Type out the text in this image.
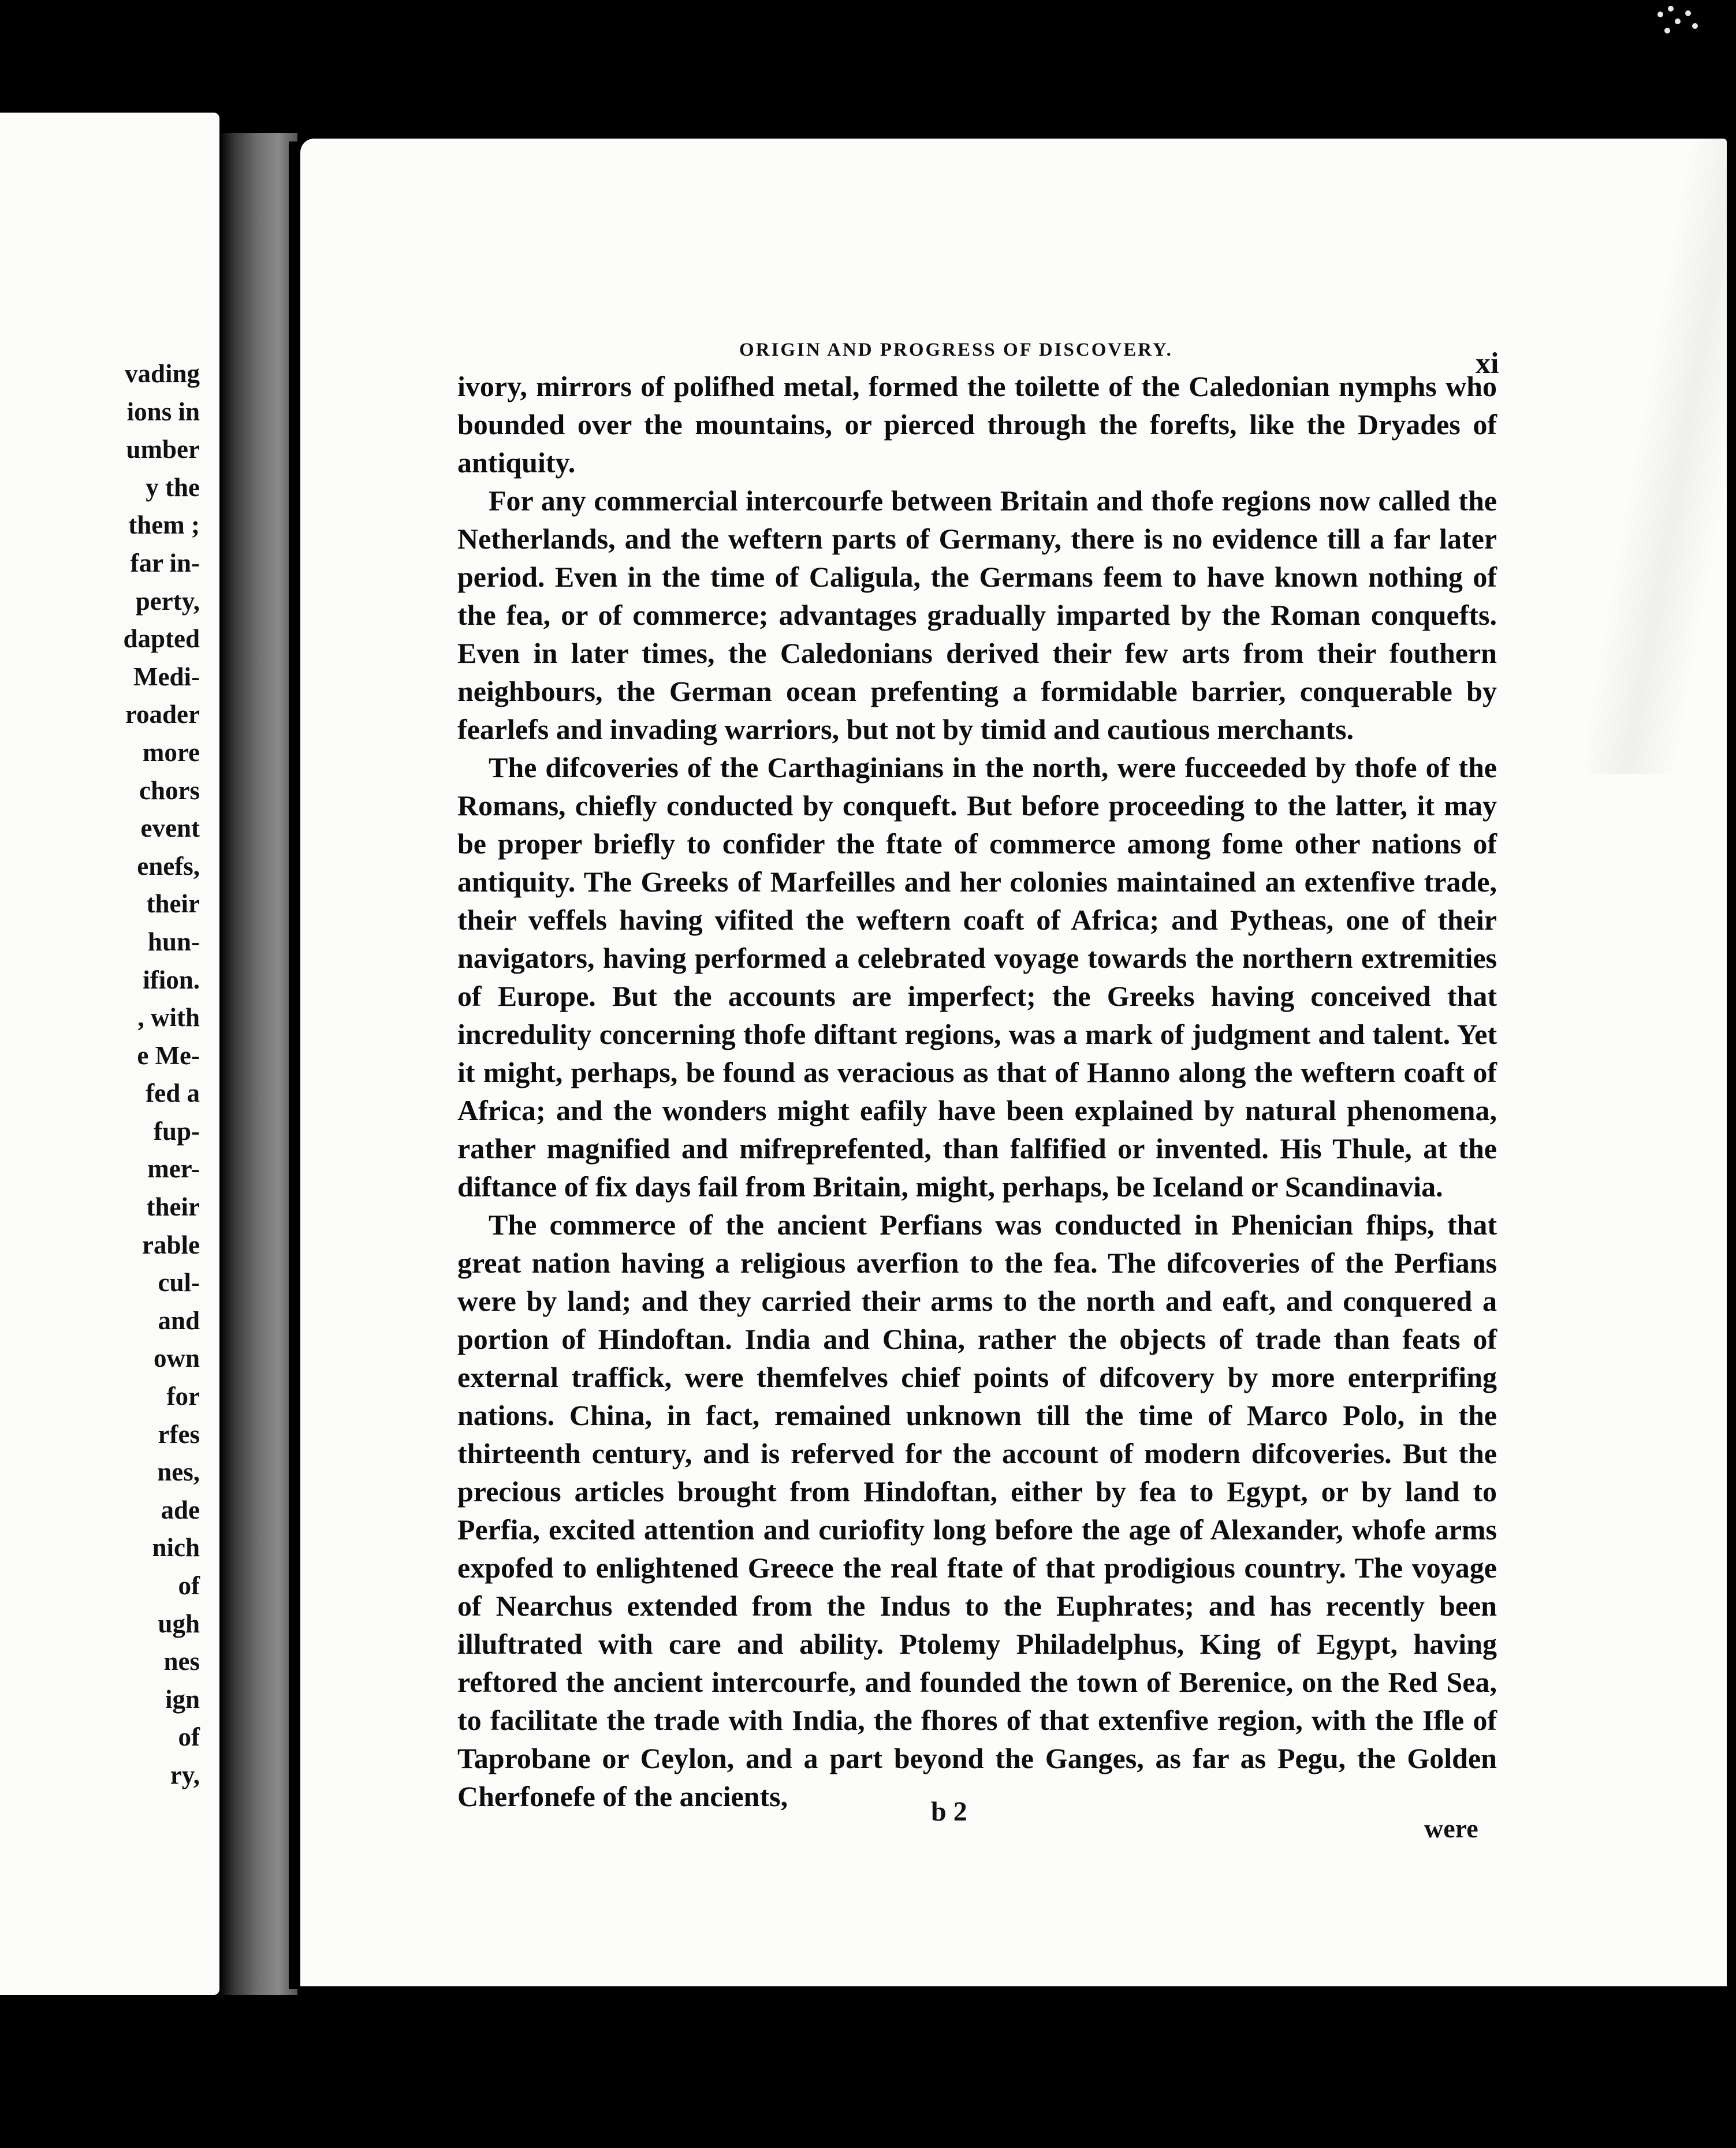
vading
ions in
umber
y the
them ;
far in-
perty,
dapted
Medi-
roader
more
chors
event
enefs,
their
hun-
ifion.
, with
e Me-
fed a
fup-
mer-
their
rable
cul-
and
own
for
rfes
nes,
ade
nich
of
ugh
nes
ign
of
ry,
ORIGIN AND PROGRESS OF DISCOVERY.	xi

ivory, mirrors of polifhed metal, formed the toilette of the Caledonian nymphs who bounded over the mountains, or pierced through the forefts, like the Dryades of antiquity.

For any commercial intercourfe between Britain and thofe regions now called the Netherlands, and the weftern parts of Germany, there is no evidence till a far later period. Even in the time of Caligula, the Germans feem to have known nothing of the fea, or of commerce; advantages gradually imparted by the Roman conquefts. Even in later times, the Caledonians derived their few arts from their fouthern neighbours, the German ocean prefenting a formidable barrier, conquerable by fearlefs and invading warriors, but not by timid and cautious merchants.

The difcoveries of the Carthaginians in the north, were fucceeded by thofe of the Romans, chiefly conducted by conqueft. But before proceeding to the latter, it may be proper briefly to confider the ftate of commerce among fome other nations of antiquity. The Greeks of Marfeilles and her colonies maintained an extenfive trade, their veffels having vifited the weftern coaft of Africa; and Pytheas, one of their navigators, having performed a celebrated voyage towards the northern extremities of Europe. But the accounts are imperfect; the Greeks having conceived that incredulity concerning thofe diftant regions, was a mark of judgment and talent. Yet it might, perhaps, be found as veracious as that of Hanno along the weftern coaft of Africa; and the wonders might eafily have been explained by natural phenomena, rather magnified and mifreprefented, than falfified or invented. His Thule, at the diftance of fix days fail from Britain, might, perhaps, be Iceland or Scandinavia.

The commerce of the ancient Perfians was conducted in Phenician fhips, that great nation having a religious averfion to the fea. The difcoveries of the Perfians were by land; and they carried their arms to the north and eaft, and conquered a portion of Hindoftan. India and China, rather the objects of trade than feats of external traffick, were themfelves chief points of difcovery by more enterprifing nations. China, in fact, remained unknown till the time of Marco Polo, in the thirteenth century, and is referved for the account of modern difcoveries. But the precious articles brought from Hindoftan, either by fea to Egypt, or by land to Perfia, excited attention and curiofity long before the age of Alexander, whofe arms expofed to enlightened Greece the real ftate of that prodigious country. The voyage of Nearchus extended from the Indus to the Euphrates; and has recently been illuftrated with care and ability. Ptolemy Philadelphus, King of Egypt, having reftored the ancient intercourfe, and founded the town of Berenice, on the Red Sea, to facilitate the trade with India, the fhores of that extenfive region, with the Ifle of Taprobane or Ceylon, and a part beyond the Ganges, as far as Pegu, the Golden Cherfonefe of the ancients,	b 2
were
